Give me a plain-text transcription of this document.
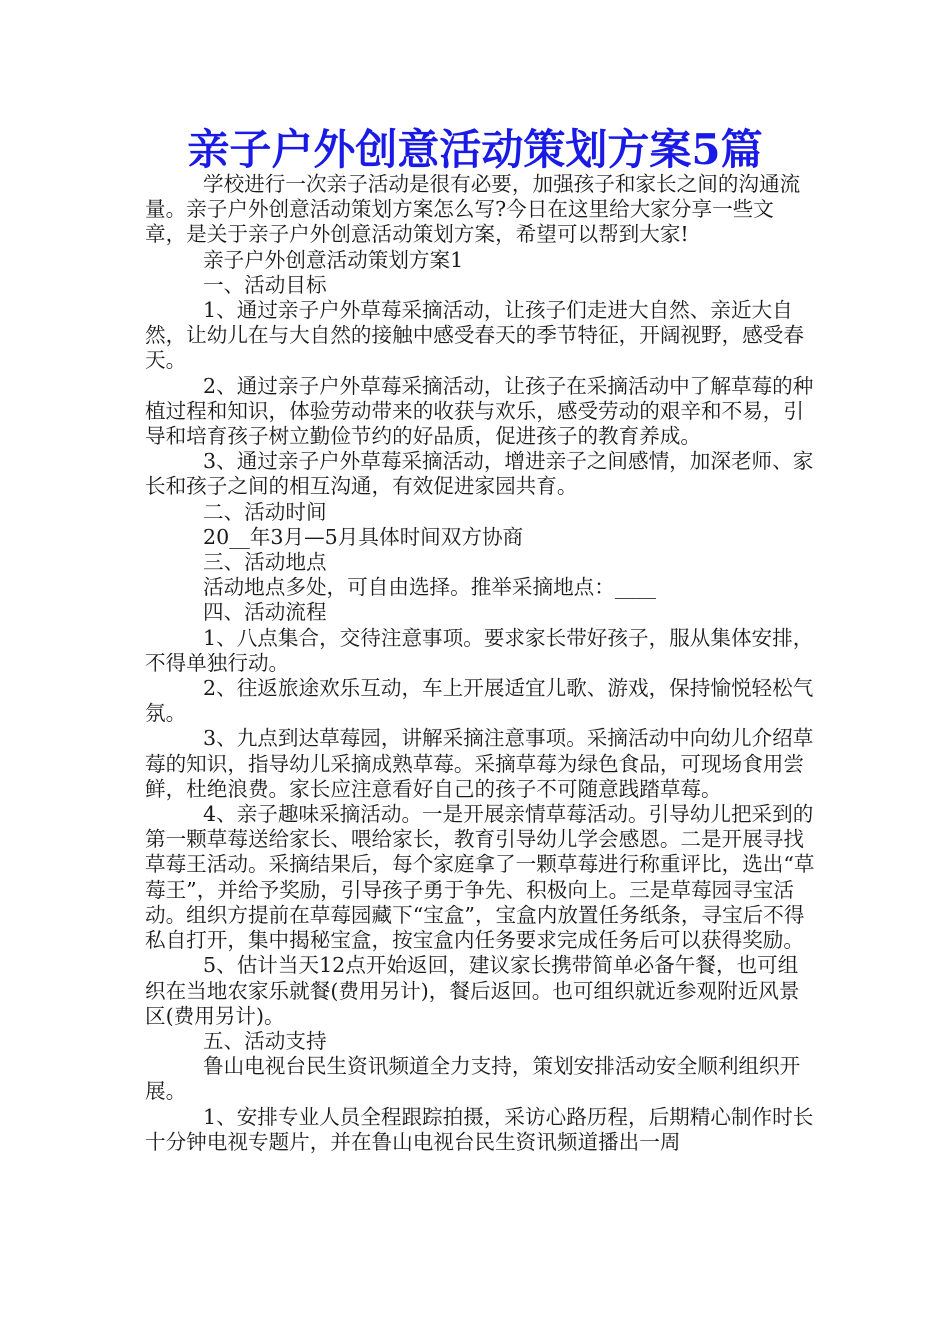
亲子户外创意活动策划方案5篇

学校进行一次亲子活动是很有必要，加强孩子和家长之间的沟通流量。亲子户外创意活动策划方案怎么写?今日在这里给大家分享一些文章，是关于亲子户外创意活动策划方案，希望可以帮到大家!

亲子户外创意活动策划方案1

一、活动目标

1、通过亲子户外草莓采摘活动，让孩子们走进大自然、亲近大自然，让幼儿在与大自然的接触中感受春天的季节特征，开阔视野，感受春天。

2、通过亲子户外草莓采摘活动，让孩子在采摘活动中了解草莓的种植过程和知识，体验劳动带来的收获与欢乐，感受劳动的艰辛和不易，引导和培育孩子树立勤俭节约的好品质，促进孩子的教育养成。

3、通过亲子户外草莓采摘活动，增进亲子之间感情，加深老师、家长和孩子之间的相互沟通，有效促进家园共育。

二、活动时间

20__年3月—5月具体时间双方协商

三、活动地点

活动地点多处，可自由选择。推举采摘地点：____

四、活动流程

1、八点集合，交待注意事项。要求家长带好孩子，服从集体安排，不得单独行动。

2、往返旅途欢乐互动，车上开展适宜儿歌、游戏，保持愉悦轻松气氛。

3、九点到达草莓园，讲解采摘注意事项。采摘活动中向幼儿介绍草莓的知识，指导幼儿采摘成熟草莓。采摘草莓为绿色食品，可现场食用尝鲜，杜绝浪费。家长应注意看好自己的孩子不可随意践踏草莓。

4、亲子趣味采摘活动。一是开展亲情草莓活动。引导幼儿把采到的第一颗草莓送给家长、喂给家长，教育引导幼儿学会感恩。二是开展寻找草莓王活动。采摘结果后，每个家庭拿了一颗草莓进行称重评比，选出“草莓王”，并给予奖励，引导孩子勇于争先、积极向上。三是草莓园寻宝活动。组织方提前在草莓园藏下“宝盒”，宝盒内放置任务纸条，寻宝后不得私自打开，集中揭秘宝盒，按宝盒内任务要求完成任务后可以获得奖励。

5、估计当天12点开始返回，建议家长携带简单必备午餐，也可组织在当地农家乐就餐(费用另计)，餐后返回。也可组织就近参观附近风景区(费用另计)。

五、活动支持

鲁山电视台民生资讯频道全力支持，策划安排活动安全顺利组织开展。

1、安排专业人员全程跟踪拍摄，采访心路历程，后期精心制作时长十分钟电视专题片，并在鲁山电视台民生资讯频道播出一周
